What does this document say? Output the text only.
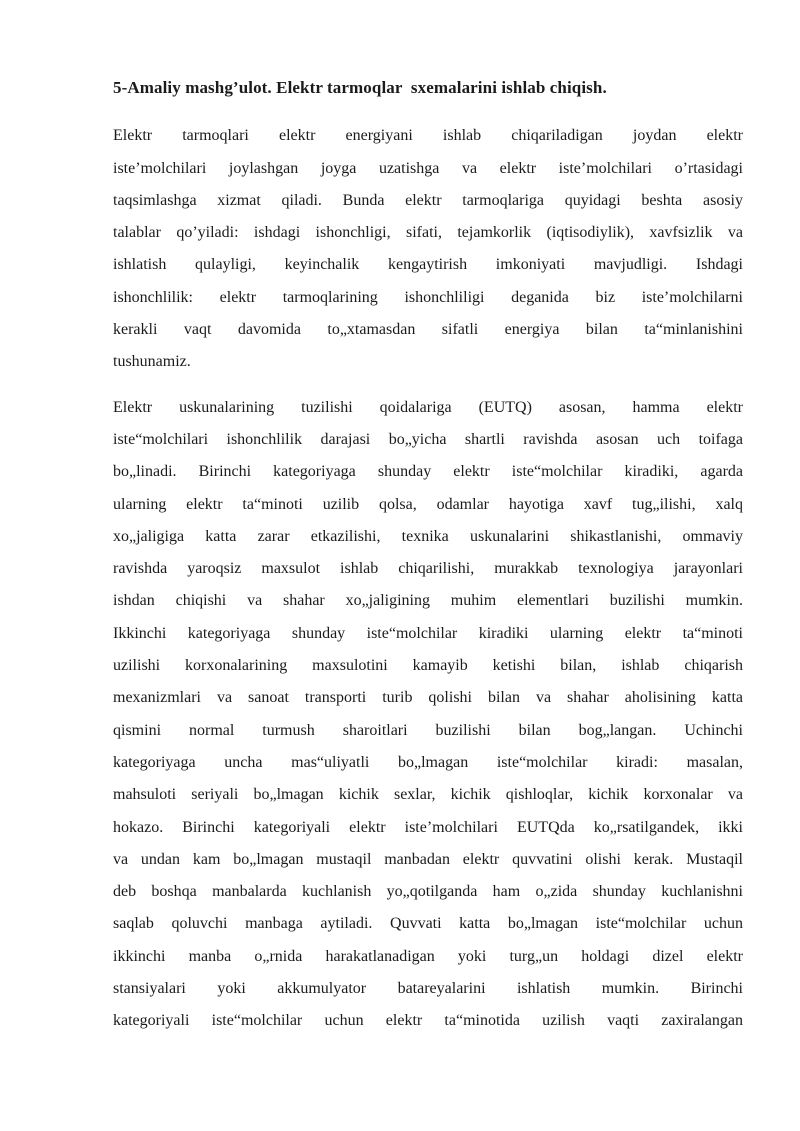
5-Amaliy mashg’ulot. Elektr tarmoqlar  sxemalarini ishlab chiqish.
Elektr tarmoqlari elektr energiyani ishlab chiqariladigan joydan elektr
iste’molchilari joylashgan joyga uzatishga va elektr iste’molchilari o’rtasidagi
taqsimlashga xizmat qiladi. Bunda elektr tarmoqlariga quyidagi beshta asosiy
talablar qo’yiladi: ishdagi ishonchligi, sifati, tejamkorlik (iqtisodiylik), xavfsizlik va
ishlatish qulayligi, keyinchalik kengaytirish imkoniyati mavjudligi. Ishdagi
ishonchlilik: elektr tarmoqlarining ishonchliligi deganida biz iste’molchilarni
kerakli vaqt davomida to„xtamasdan sifatli energiya bilan ta“minlanishini
tushunamiz.
Elektr uskunalarining tuzilishi qoidalariga (EUTQ) asosan, hamma elektr
iste“molchilari ishonchlilik darajasi bo„yicha shartli ravishda asosan uch toifaga
bo„linadi. Birinchi kategoriyaga shunday elektr iste“molchilar kiradiki, agarda
ularning elektr ta“minoti uzilib qolsa, odamlar hayotiga xavf tug„ilishi, xalq
xo„jaligiga katta zarar etkazilishi, texnika uskunalarini shikastlanishi, ommaviy
ravishda yaroqsiz maxsulot ishlab chiqarilishi, murakkab texnologiya jarayonlari
ishdan chiqishi va shahar xo„jaligining muhim elementlari buzilishi mumkin.
Ikkinchi kategoriyaga shunday iste“molchilar kiradiki ularning elektr ta“minoti
uzilishi korxonalarining maxsulotini kamayib ketishi bilan, ishlab chiqarish
mexanizmlari va sanoat transporti turib qolishi bilan va shahar aholisining katta
qismini normal turmush sharoitlari buzilishi bilan bog„langan. Uchinchi
kategoriyaga uncha mas“uliyatli bo„lmagan iste“molchilar kiradi: masalan,
mahsuloti seriyali bo„lmagan kichik sexlar, kichik qishloqlar, kichik korxonalar va
hokazo. Birinchi kategoriyali elektr iste’molchilari EUTQda ko„rsatilgandek, ikki
va undan kam bo„lmagan mustaqil manbadan elektr quvvatini olishi kerak. Mustaqil
deb boshqa manbalarda kuchlanish yo„qotilganda ham o„zida shunday kuchlanishni
saqlab qoluvchi manbaga aytiladi. Quvvati katta bo„lmagan iste“molchilar uchun
ikkinchi manba o„rnida harakatlanadigan yoki turg„un holdagi dizel elektr
stansiyalari yoki akkumulyator batareyalarini ishlatish mumkin. Birinchi
kategoriyali iste“molchilar uchun elektr ta“minotida uzilish vaqti zaxiralangan
